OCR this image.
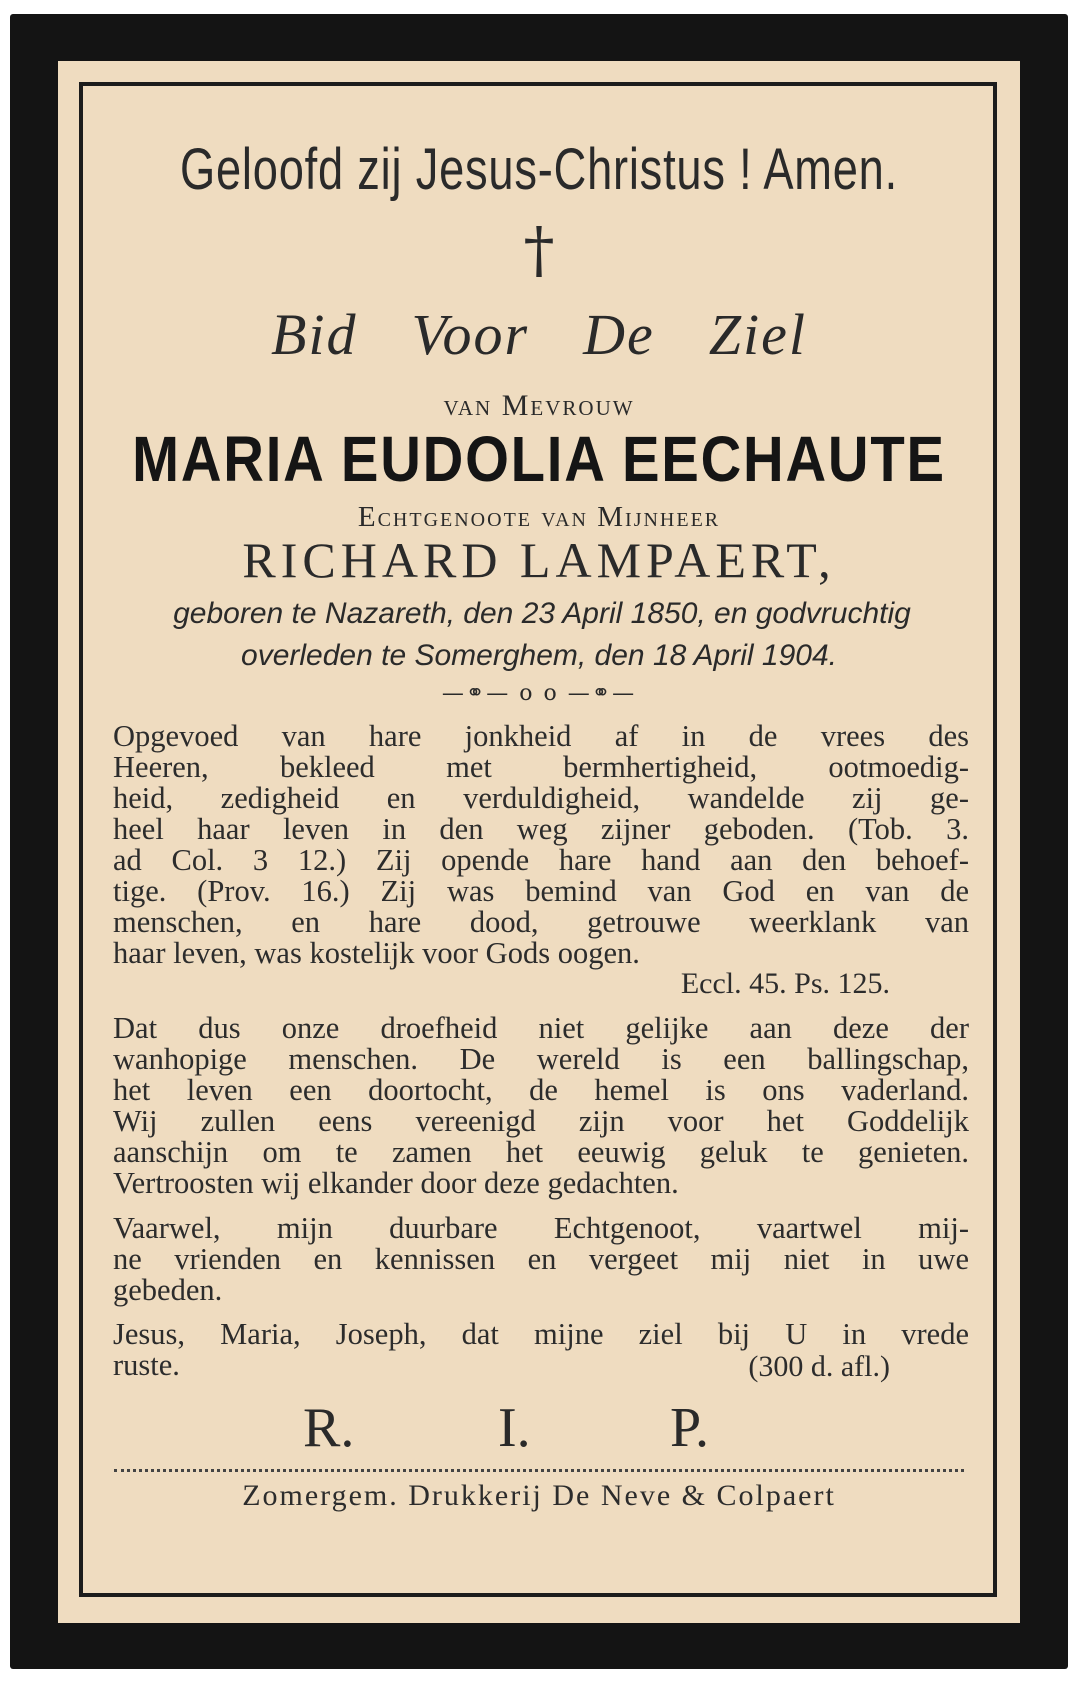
Geloofd zij Jesus-Christus ! Amen.
†
Bid Voor De Ziel
van Mevrouw
MARIA EUDOLIA EECHAUTE
Echtgenoote van Mijnheer
RICHARD LAMPAERT,
geboren te Nazareth, den 23 April 1850, en godvruchtig
overleden te Somerghem, den 18 April 1904.
—⚭— o o —⚭—
Opgevoed van hare jonkheid af in de vrees des
Heeren, bekleed met bermhertigheid, ootmoedig-
heid, zedigheid en verduldigheid, wandelde zij ge-
heel haar leven in den weg zijner geboden. (Tob. 3.
ad Col. 3 12.) Zij opende hare hand aan den behoef-
tige. (Prov. 16.) Zij was bemind van God en van de
menschen, en hare dood, getrouwe weerklank van
haar leven, was kostelijk voor Gods oogen.
Eccl. 45. Ps. 125.
Dat dus onze droefheid niet gelijke aan deze der
wanhopige menschen. De wereld is een ballingschap,
het leven een doortocht, de hemel is ons vaderland.
Wij zullen eens vereenigd zijn voor het Goddelijk
aanschijn om te zamen het eeuwig geluk te genieten.
Vertroosten wij elkander door deze gedachten.
Vaarwel, mijn duurbare Echtgenoot, vaartwel mij-
ne vrienden en kennissen en vergeet mij niet in uwe
gebeden.
Jesus, Maria, Joseph, dat mijne ziel bij U in vrede
ruste.	(300 d. afl.)
R.	I. P.
Zomergem. Drukkerij De Neve & Colpaert
